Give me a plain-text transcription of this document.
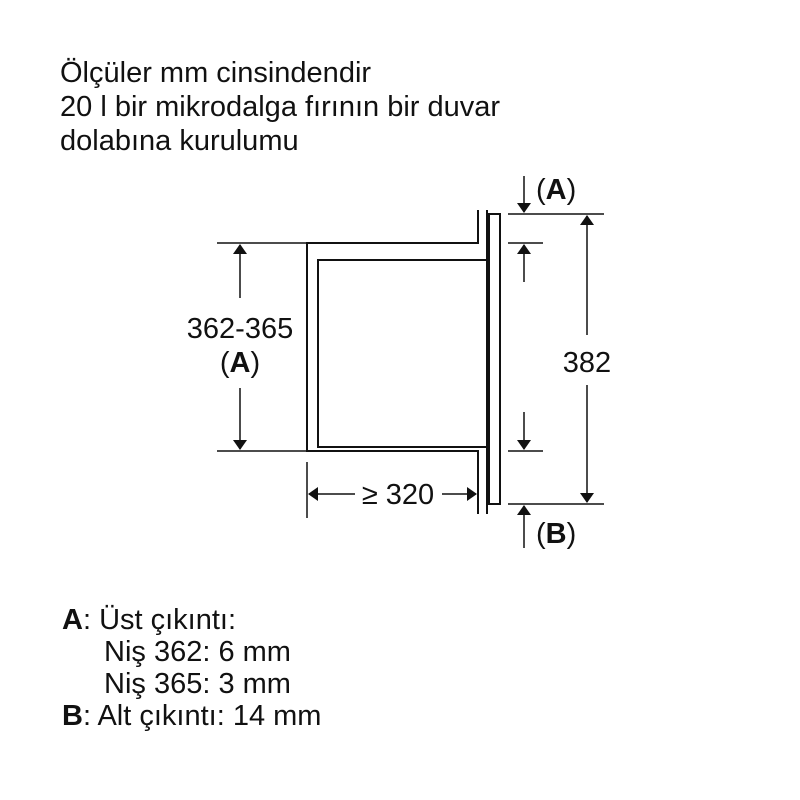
Ölçüler mm cinsindendir
20 l bir mikrodalga fırının bir duvar
dolabına kurulumu
362-365
(A)
≥ 320
382
(A)
(B)
A: Üst çıkıntı:
Niş 362: 6 mm
Niş 365: 3 mm
B: Alt çıkıntı: 14 mm
